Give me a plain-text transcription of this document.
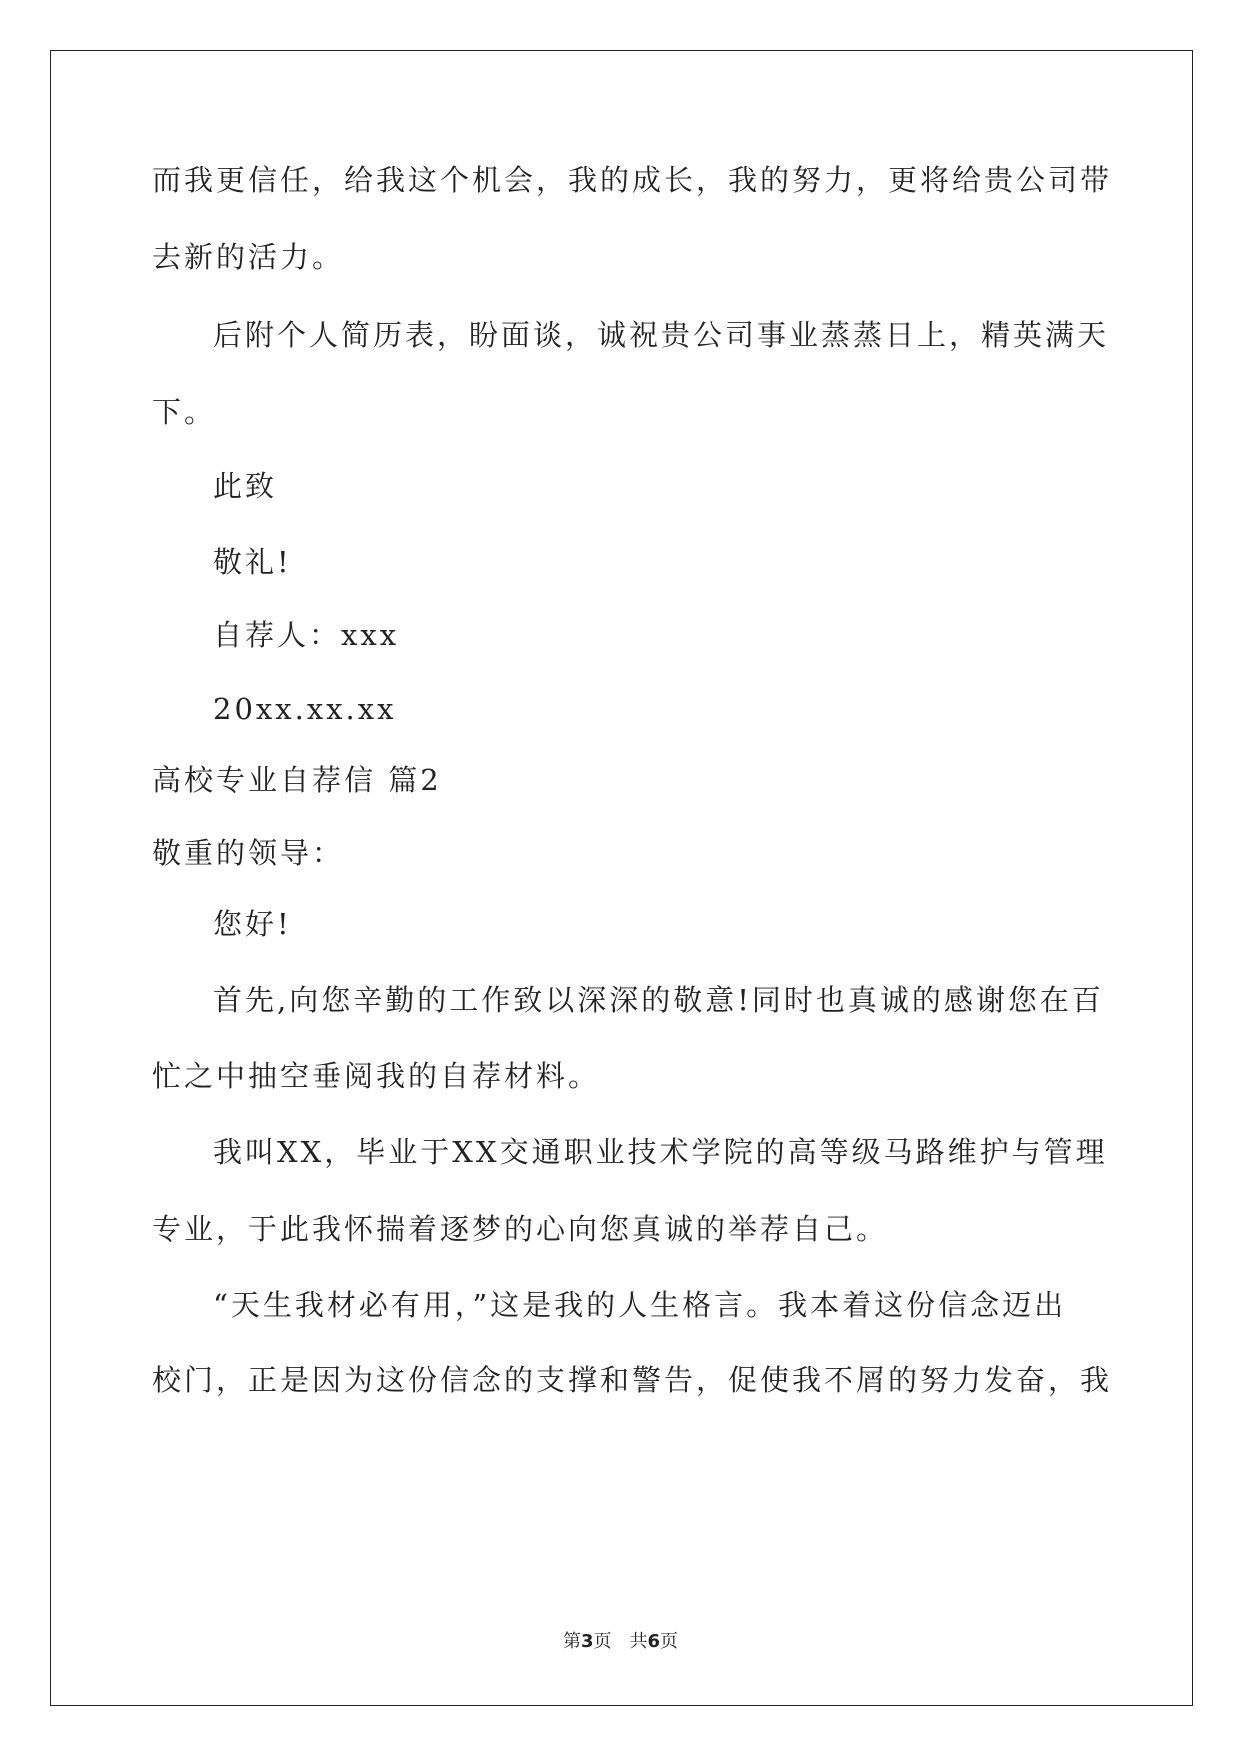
而我更信任，给我这个机会，我的成长，我的努力，更将给贵公司带
去新的活力。
后附个人简历表，盼面谈，诚祝贵公司事业蒸蒸日上，精英满天
下。
此致
敬礼!
自荐人：xxx
20xx.xx.xx
高校专业自荐信 篇2
敬重的领导：
您好!
首先,向您辛勤的工作致以深深的敬意!同时也真诚的感谢您在百
忙之中抽空垂阅我的自荐材料。
我叫XX，毕业于XX交通职业技术学院的高等级马路维护与管理
专业，于此我怀揣着逐梦的心向您真诚的举荐自己。
“天生我材必有用，”这是我的人生格言。我本着这份信念迈出
校门，正是因为这份信念的支撑和警告，促使我不屑的努力发奋，我
第3页 共6页
